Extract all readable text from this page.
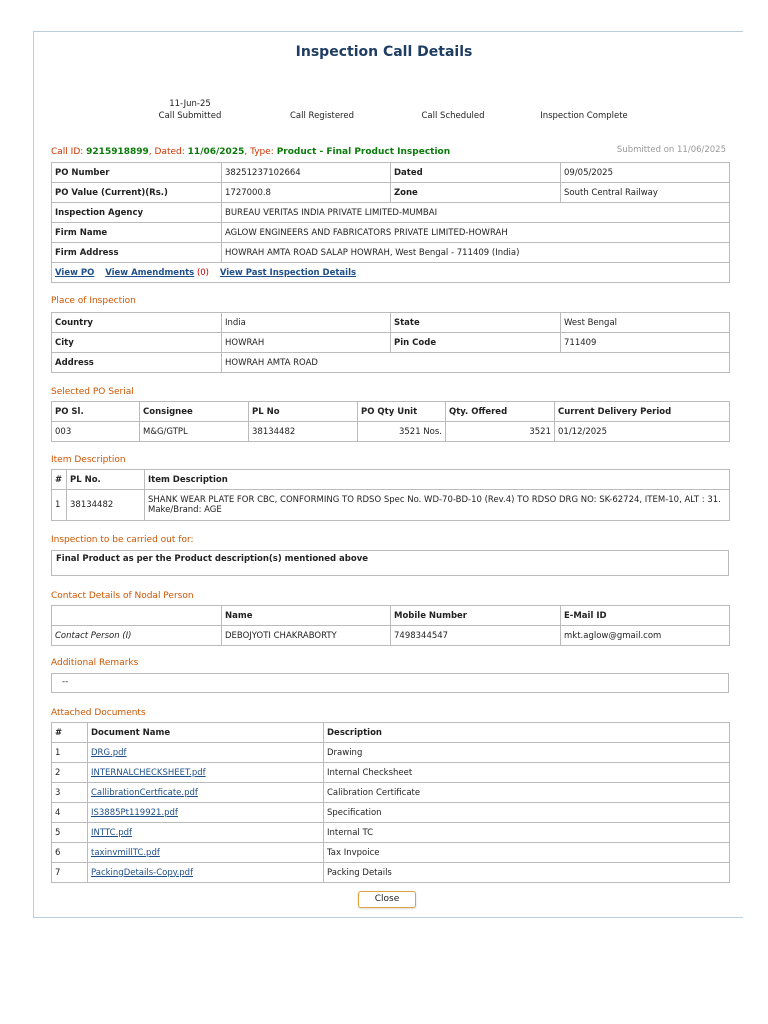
Inspection Call Details
11-Jun-25
Call Submitted	Call Registered	Call Scheduled	Inspection Complete
Call ID: 9215918899, Dated: 11/06/2025, Type: Product - Final Product Inspection	Submitted on 11/06/2025
PO Number	38251237102664	Dated	09/05/2025
PO Value (Current)(Rs.)	1727000.8	Zone	South Central Railway
Inspection Agency	BUREAU VERITAS INDIA PRIVATE LIMITED-MUMBAI		
Firm Name	AGLOW ENGINEERS AND FABRICATORS PRIVATE LIMITED-HOWRAH		
Firm Address	HOWRAH AMTA ROAD SALAP HOWRAH, West Bengal - 711409 (India)		
View PO View Amendments (0) View Past Inspection Details			
Place of Inspection
Country	India	State	West Bengal
City	HOWRAH	Pin Code	711409
Address	HOWRAH AMTA ROAD		
Selected PO Serial
PO Sl.	Consignee	PL No	PO Qty Unit	Qty. Offered	Current Delivery Period
003	M&G/GTPL	38134482	3521 Nos.	3521	01/12/2025
Item Description
#	PL No.	Item Description
1	38134482	SHANK WEAR PLATE FOR CBC, CONFORMING TO RDSO Spec No. WD-70-BD-10 (Rev.4) TO RDSO DRG NO: SK-62724, ITEM-10, ALT : 31. Make/Brand: AGE
Inspection to be carried out for:
Final Product as per the Product description(s) mentioned above
Contact Details of Nodal Person
	Name	Mobile Number	E-Mail ID
Contact Person (I)	DEBOJYOTI CHAKRABORTY	7498344547	mkt.aglow@gmail.com
Additional Remarks
--
Attached Documents
#	Document Name	Description
1	DRG.pdf	Drawing
2	INTERNALCHECKSHEET.pdf	Internal Checksheet
3	CallibrationCertficate.pdf	Calibration Certificate
4	IS3885Pt119921.pdf	Specification
5	INTTC.pdf	Internal TC
6	taxinvmillTC.pdf	Tax Invpoice
7	PackingDetails-Copy.pdf	Packing Details
Close
